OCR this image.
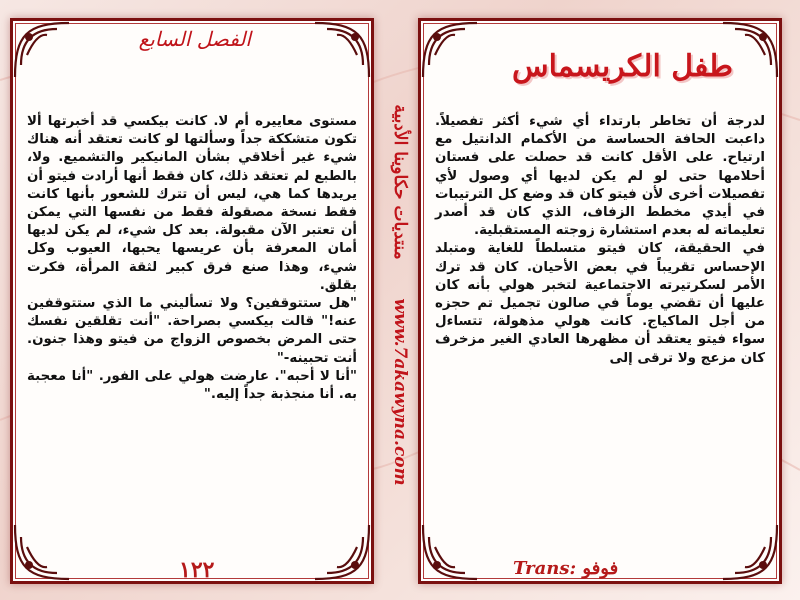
الفصل السابع

مستوى معاييره أم لا. كانت بيكسي قد أخبرتها ألا تكون متشككة جداً وسألتها لو كانت تعتقد أنه هناك شيء غير أخلاقي بشأن المانيكير والتشميع. ولا، بالطبع لم تعتقد ذلك، كان فقط أنها أرادت فيتو أن يريدها كما هي، ليس أن تترك للشعور بأنها كانت فقط نسخة مصقولة فقط من نفسها التي يمكن أن تعتبر الآن مقبولة. بعد كل شيء، لم يكن لديها أمان المعرفة بأن عريسها يحبها، العيوب وكل شيء، وهذا صنع فرق كبير لثقة المرأة، فكرت بقلق.

"هل ستتوقفين؟ ولا تسأليني ما الذي ستتوقفين عنه!" قالت بيكسي بصراحة. "أنت تقلقين نفسك حتى المرض بخصوص الزواج من فيتو وهذا جنون. أنت تحبينه-"

"أنا لا أحبه". عارضت هولي على الفور. "أنا معجبة به. أنا منجذبة جداً إليه."

١٢٢
منتديات حكاوينا الأدبية
www.7akawyna.com
طفل الكريسماس

لدرجة أن تخاطر بارتداء أي شيء أكثر تفصيلاً. داعبت الحافة الحساسة من الأكمام الدانتيل مع ارتياح. على الأقل كانت قد حصلت على فستان أحلامها حتى لو لم يكن لديها أي وصول لأي تفصيلات أخرى لأن فيتو كان قد وضع كل الترتيبات في أيدي مخطط الزفاف، الذي كان قد أصدر تعليماته له بعدم استشارة زوجته المستقبلية.

في الحقيقة، كان فيتو متسلطاً للغاية ومتبلد الإحساس تقريباً في بعض الأحيان. كان قد ترك الأمر لسكرتيرته الاجتماعية لتخبر هولي بأنه كان عليها أن تقضي يوماً في صالون تجميل تم حجزه من أجل الماكياج. كانت هولي مذهولة، تتساءل سواء فيتو يعتقد أن مظهرها العادي الغير مزخرف كان مزعج ولا ترقى إلى

Trans: فوفو
